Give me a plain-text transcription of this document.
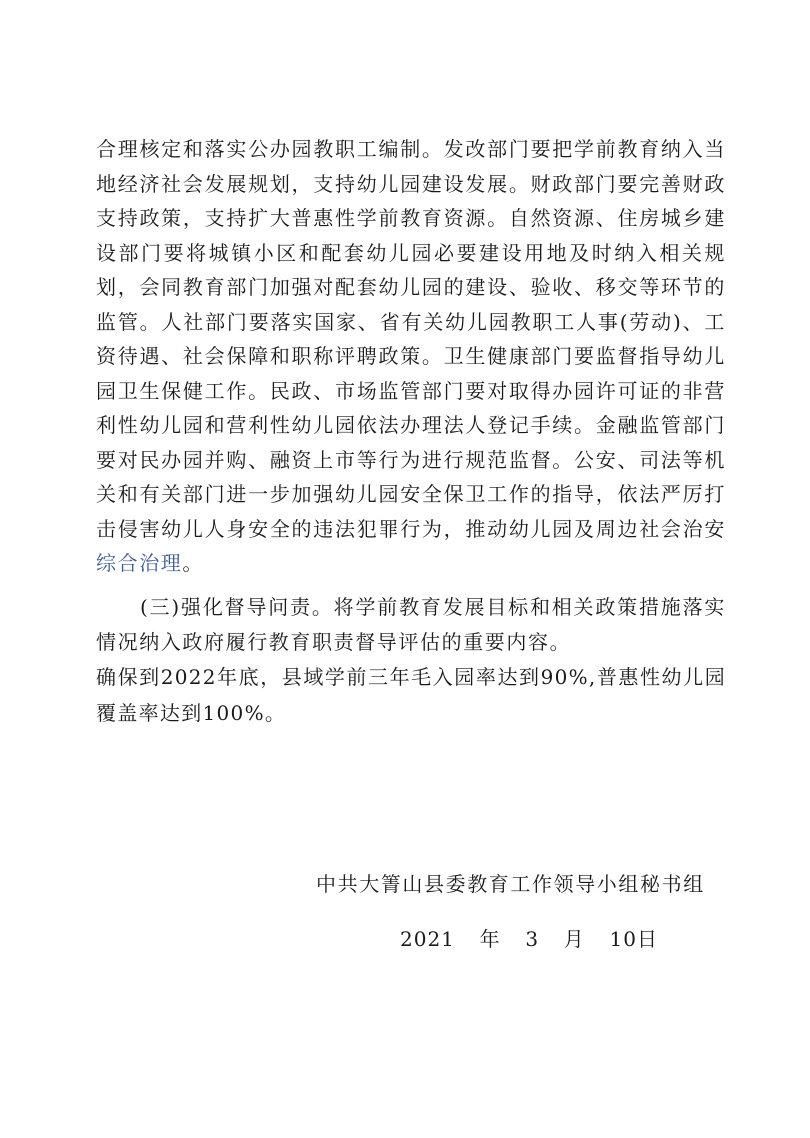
合理核定和落实公办园教职工编制。发改部门要把学前教育纳入当地经济社会发展规划，支持幼儿园建设发展。财政部门要完善财政支持政策，支持扩大普惠性学前教育资源。自然资源、住房城乡建设部门要将城镇小区和配套幼儿园必要建设用地及时纳入相关规划，会同教育部门加强对配套幼儿园的建设、验收、移交等环节的监管。人社部门要落实国家、省有关幼儿园教职工人事(劳动)、工资待遇、社会保障和职称评聘政策。卫生健康部门要监督指导幼儿园卫生保健工作。民政、市场监管部门要对取得办园许可证的非营利性幼儿园和营利性幼儿园依法办理法人登记手续。金融监管部门要对民办园并购、融资上市等行为进行规范监督。公安、司法等机关和有关部门进一步加强幼儿园安全保卫工作的指导，依法严厉打击侵害幼儿人身安全的违法犯罪行为，推动幼儿园及周边社会治安综合治理。

(三)强化督导问责。将学前教育发展目标和相关政策措施落实情况纳入政府履行教育职责督导评估的重要内容。

确保到2022年底，县域学前三年毛入园率达到90%,普惠性幼儿园覆盖率达到100%。

中共大箐山县委教育工作领导小组秘书组
2021 年 3 月 10日
